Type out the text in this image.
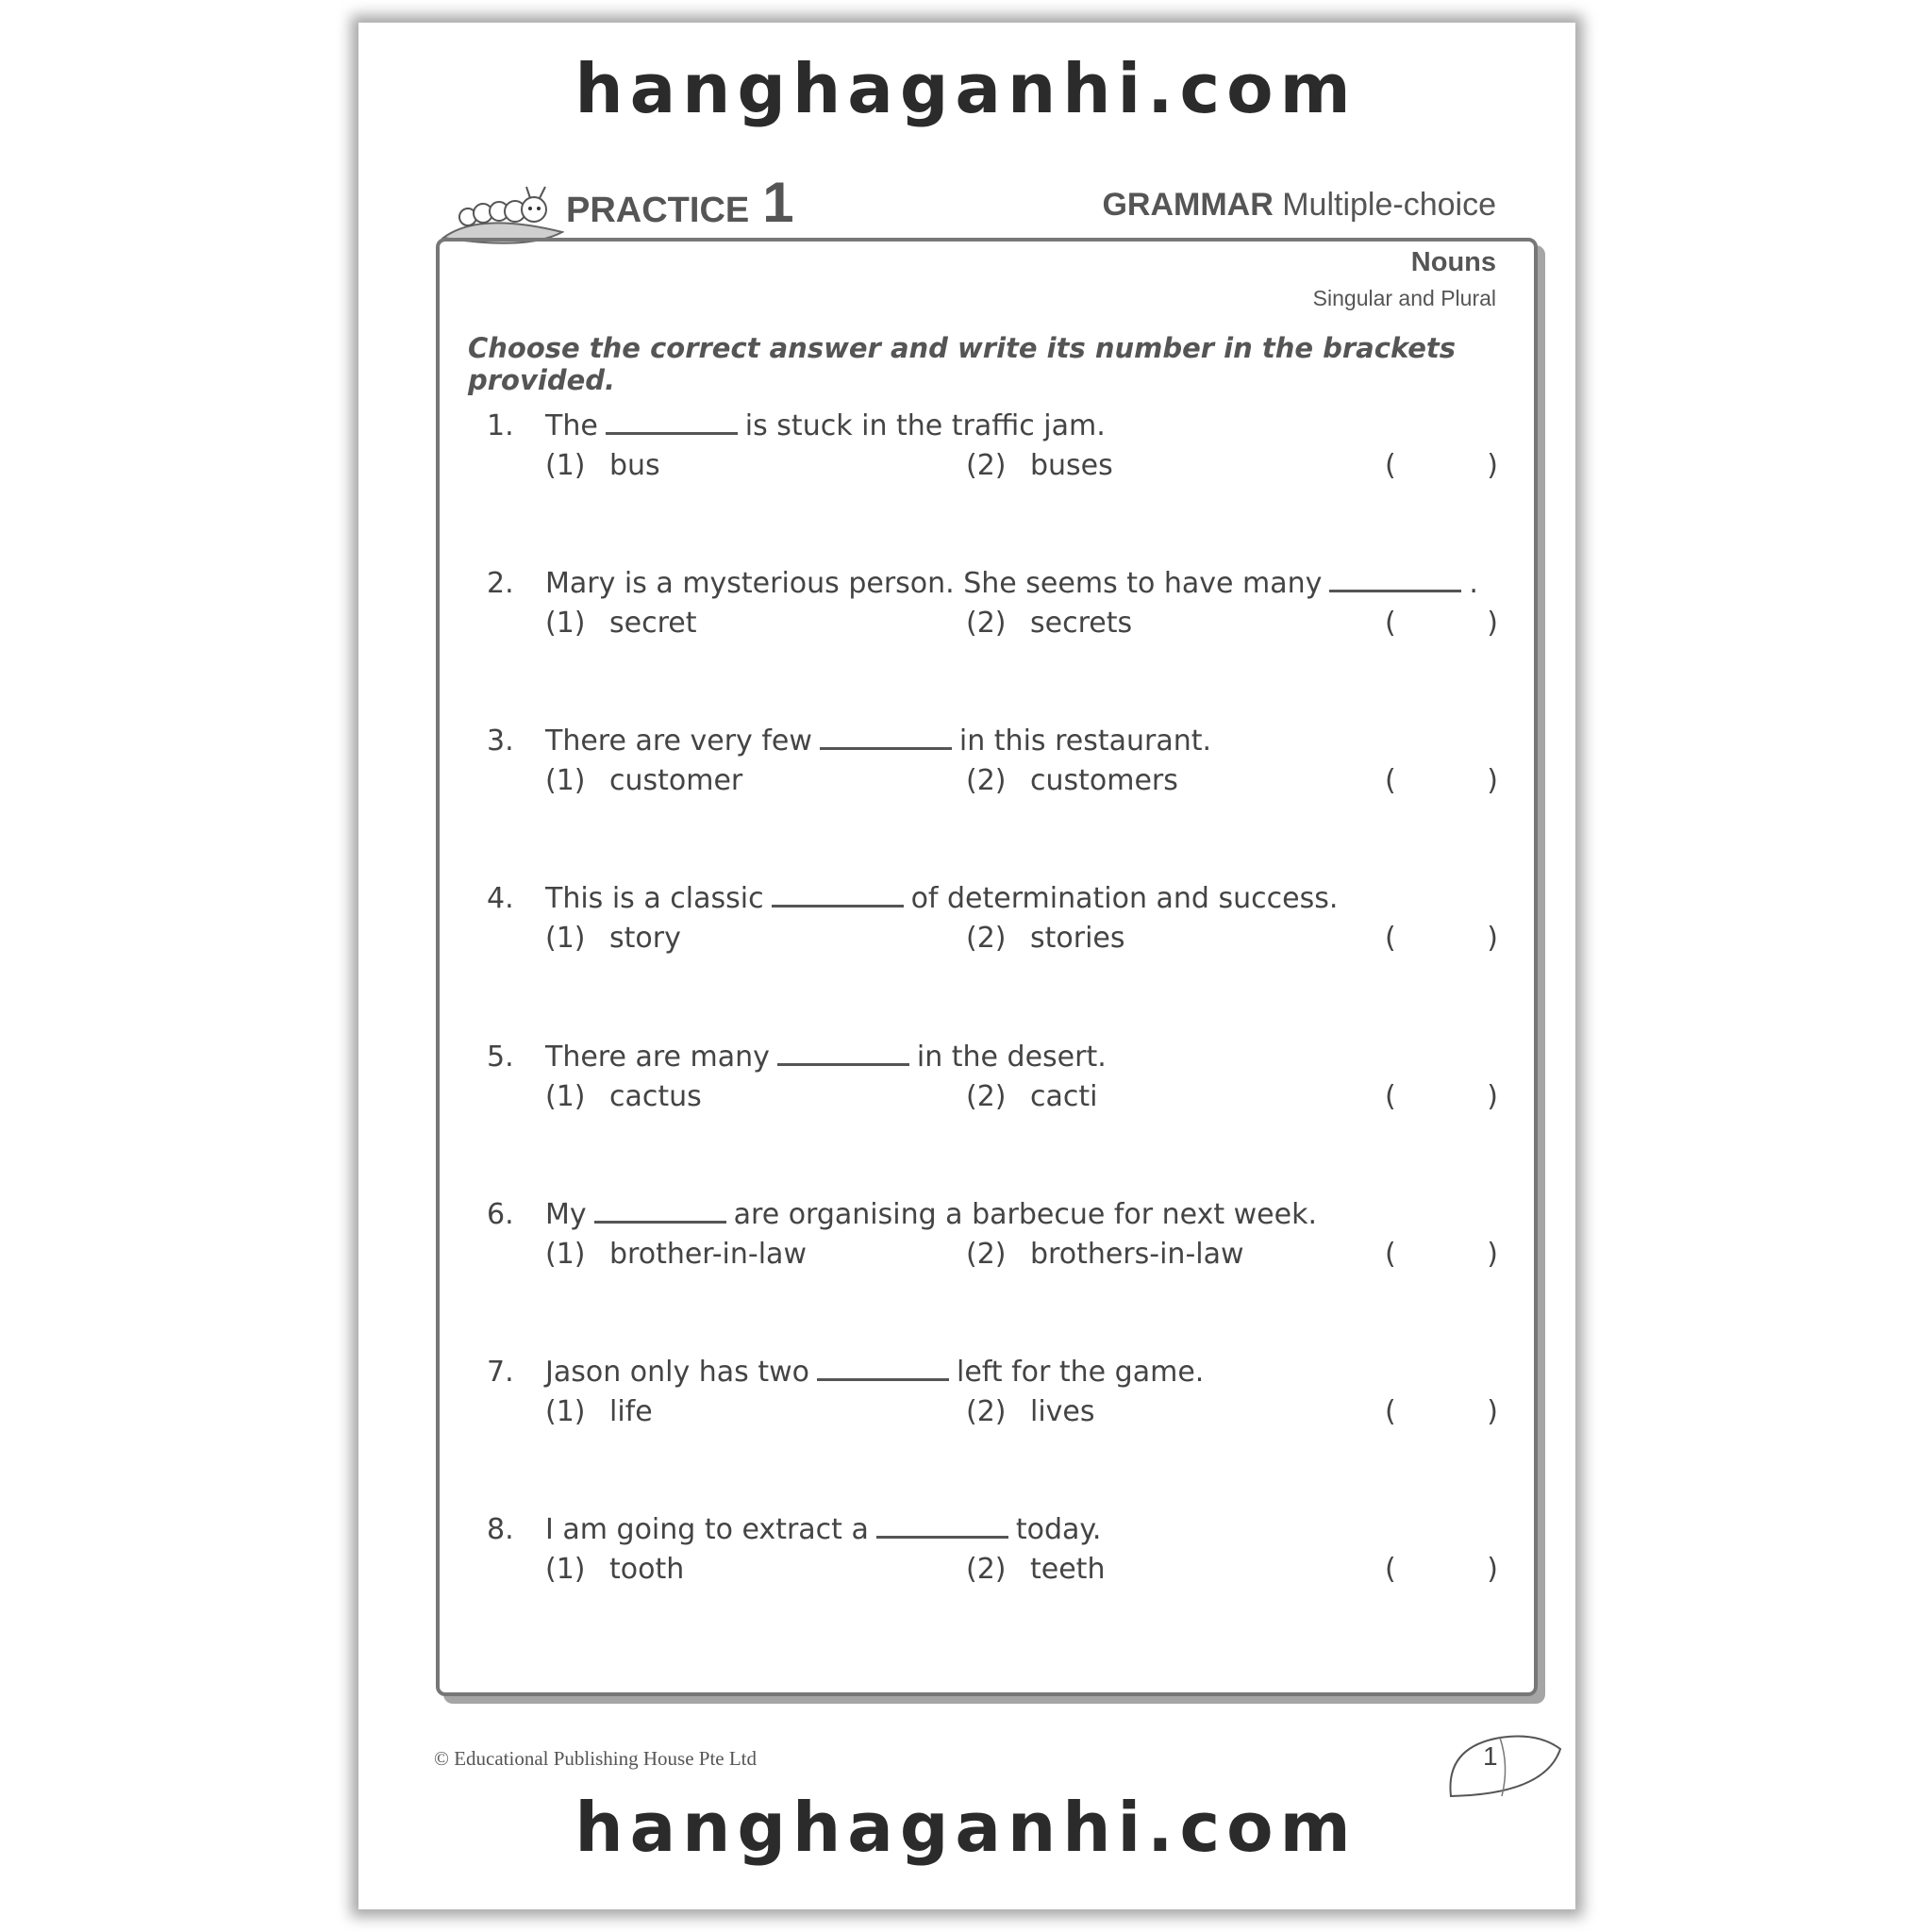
hanghaganhi.com
PRACTICE 1	GRAMMAR Multiple-choice
Nouns
Singular and Plural
Choose the correct answer and write its number in the brackets provided.
1. The	is stuck in the traffic jam.
(1) bus	(2) buses	(	)
2. Mary is a mysterious person. She seems to have many	.
(1) secret	(2) secrets	(	)
3. There are very few	in this restaurant.
(1) customer	(2) customers	(	)
4. This is a classic	of determination and success.
(1) story	(2) stories	(	)
5. There are many	in the desert.
(1) cactus	(2) cacti	(	)
6. My	are organising a barbecue for next week.
(1) brother-in-law	(2) brothers-in-law	(	)
7. Jason only has two	left for the game.
(1) life	(2) lives	(	)
8. I am going to extract a	today.
(1) tooth	(2) teeth	(	)
© Educational Publishing House Pte Ltd	1
hanghaganhi.com
